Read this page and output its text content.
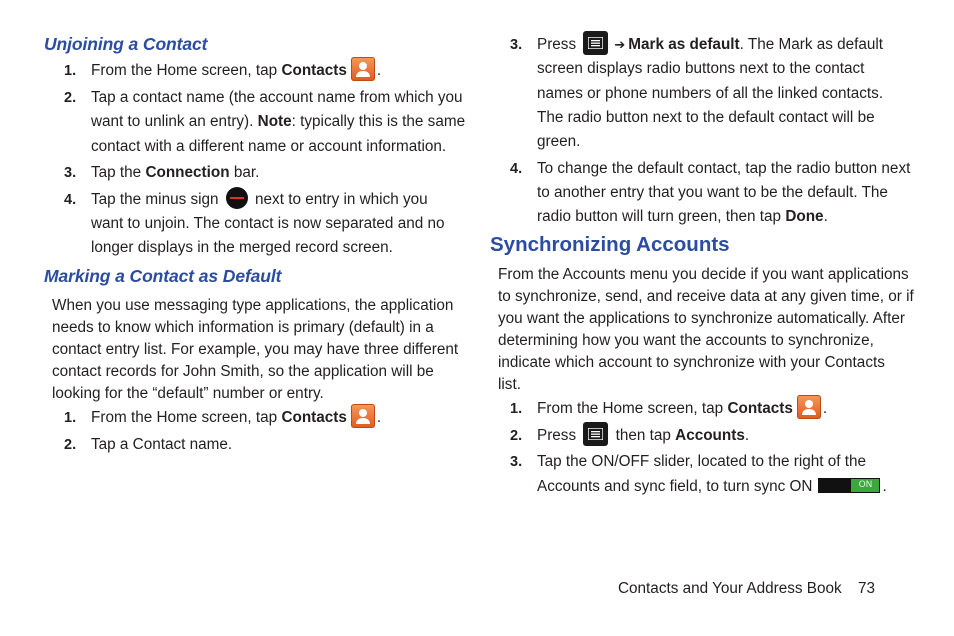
Unjoining a Contact
1. From the Home screen, tap Contacts .
2. Tap a contact name (the account name from which you
want to unlink an entry). Note: typically this is the same
contact with a different name or account information.
3. Tap the Connection bar.
4. Tap the minus sign  next to entry in which you
want to unjoin. The contact is now separated and no
longer displays in the merged record screen.
Marking a Contact as Default
When you use messaging type applications, the application
needs to know which information is primary (default) in a
contact entry list. For example, you may have three different
contact records for John Smith, so the application will be
looking for the “default” number or entry.
1. From the Home screen, tap Contacts .
2. Tap a Contact name.
3. Press	➔ Mark as default. The Mark as default
screen displays radio buttons next to the contact
names or phone numbers of all the linked contacts.
The radio button next to the default contact will be
green.
4. To change the default contact, tap the radio button next
to another entry that you want to be the default. The
radio button will turn green, then tap Done.
Synchronizing Accounts
From the Accounts menu you decide if you want applications
to synchronize, send, and receive data at any given time, or if
you want the applications to synchronize automatically. After
determining how you want the accounts to synchronize,
indicate which account to synchronize with your Contacts
list.
1. From the Home screen, tap Contacts .
2. Press
then tap Accounts.
3. Tap the ON/OFF slider, located to the right of the
Accounts and sync field, to turn sync ON	ON .
Contacts and Your Address Book 73
